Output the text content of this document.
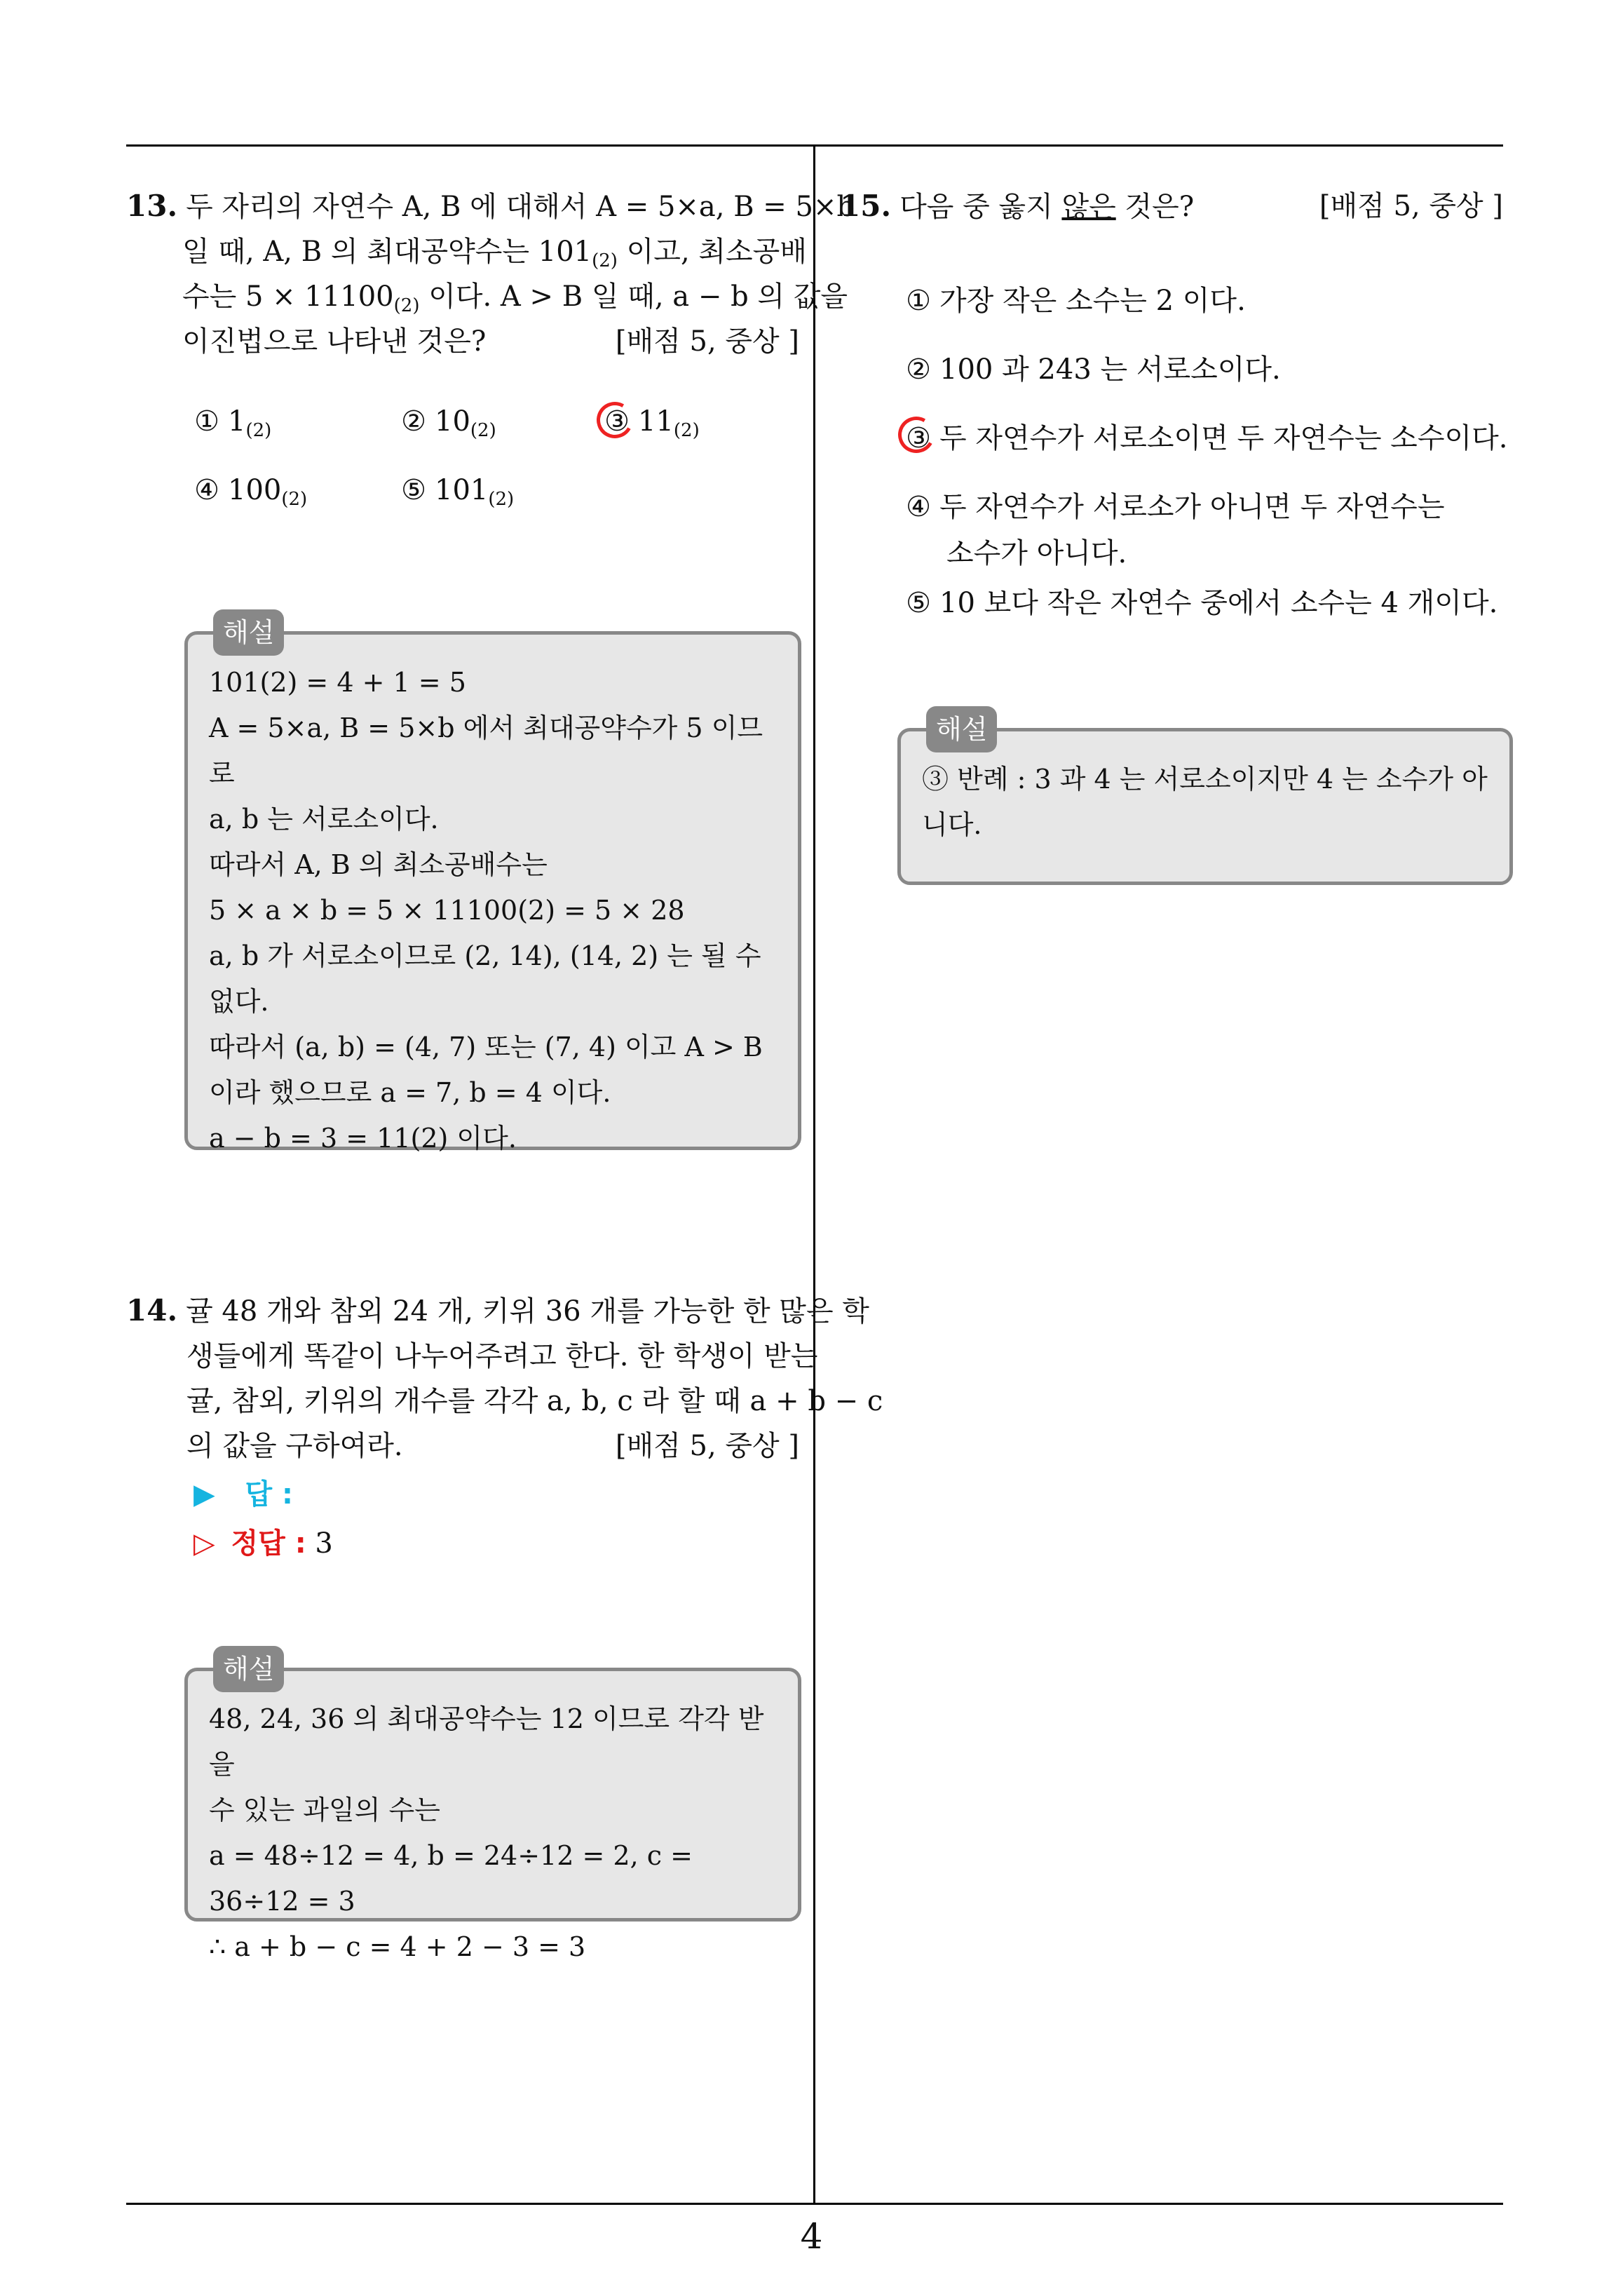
13. 두 자리의 자연수 A, B 에 대해서 A = 5×a, B = 5×b
일 때, A, B 의 최대공약수는 $101_{(2)}$ 이고, 최소공배
수는 $5 \times 11100_{(2)}$ 이다. A > B 일 때, a − b 의 값을
이진법으로 나타낸 것은?	[배점 5, 중상 ]
① $1_{(2)}$	② $10_{(2)}$	③ $11_{(2)}$
④ $100_{(2)}$	⑤ $101_{(2)}$
해설
101(2) = 4 + 1 = 5
A = 5×a, B = 5×b 에서 최대공약수가 5 이므로
a, b 는 서로소이다.
따라서 A, B 의 최소공배수는
5 × a × b = 5 × 11100(2) = 5 × 28
a, b 가 서로소이므로 (2, 14), (14, 2) 는 될 수
없다.
따라서 (a, b) = (4, 7) 또는 (7, 4) 이고 A > B
이라 했으므로 a = 7, b = 4 이다.
a − b = 3 = 11(2) 이다.
14. 귤 48 개와 참외 24 개, 키위 36 개를 가능한 한 많은 학
생들에게 똑같이 나누어주려고 한다. 한 학생이 받는
귤, 참외, 키위의 개수를 각각 a, b, c 라 할 때 a + b − c
의 값을 구하여라.	[배점 5, 중상 ]
▶ 답 :
▷ 정답 : 3
해설
48, 24, 36 의 최대공약수는 12 이므로 각각 받을
수 있는 과일의 수는
a = 48÷12 = 4, b = 24÷12 = 2, c = 36÷12 = 3
∴ a + b − c = 4 + 2 − 3 = 3
15. 다음 중 옳지 않은 것은?	[배점 5, 중상 ]
① 가장 작은 소수는 2 이다.
② 100 과 243 는 서로소이다.
③ 두 자연수가 서로소이면 두 자연수는 소수이다.
④ 두 자연수가 서로소가 아니면 두 자연수는
소수가 아니다.
⑤ 10 보다 작은 자연수 중에서 소수는 4 개이다.
해설
③ 반례 : 3 과 4 는 서로소이지만 4 는 소수가 아
니다.
4
